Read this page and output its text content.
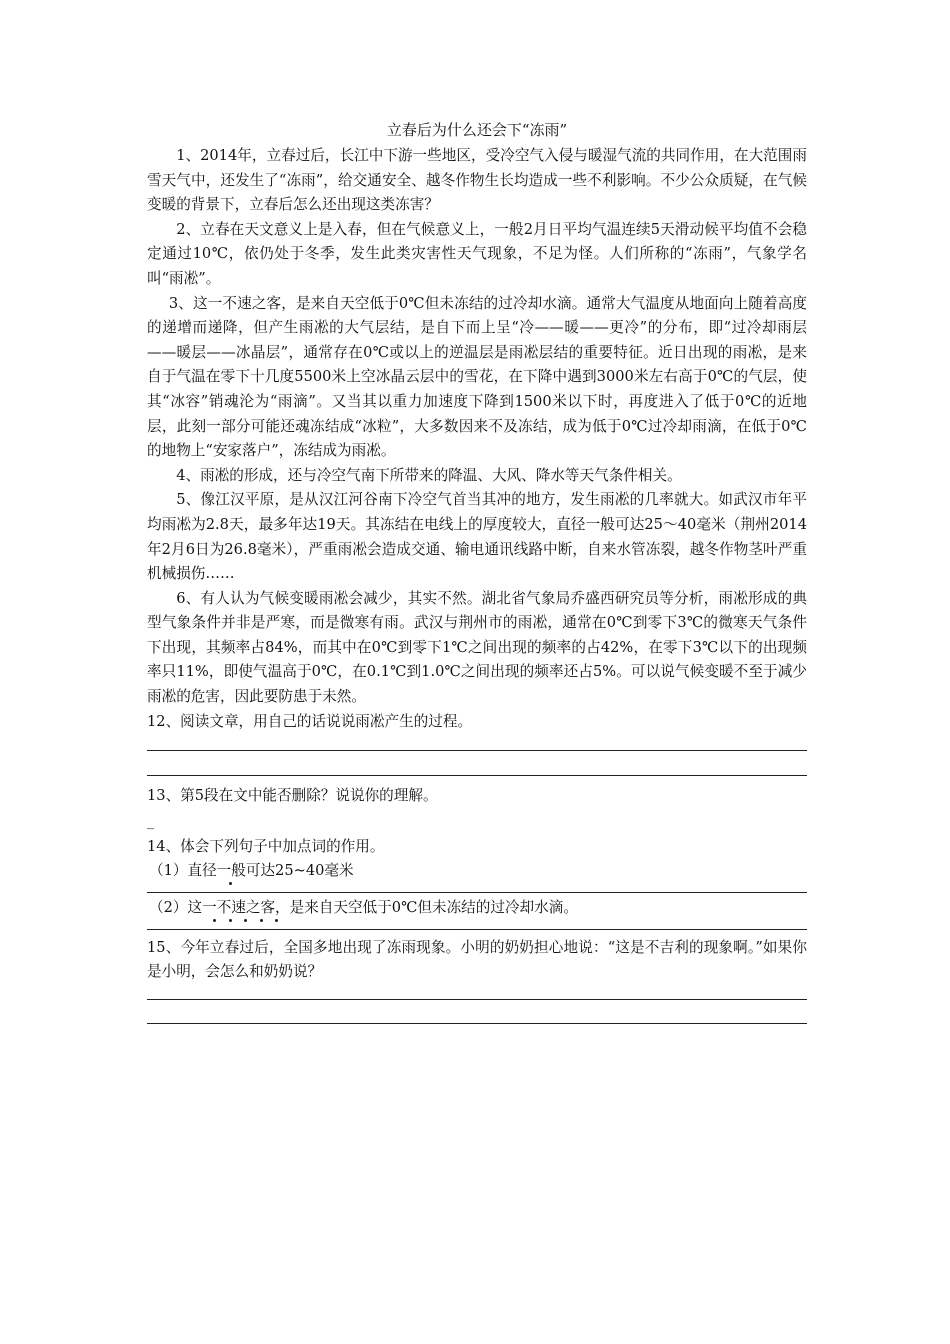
立春后为什么还会下“冻雨”

1、2014年，立春过后，长江中下游一些地区，受冷空气入侵与暖湿气流的共同作用，在大范围雨雪天气中，还发生了“冻雨”，给交通安全、越冬作物生长均造成一些不利影响。不少公众质疑，在气候变暖的背景下，立春后怎么还出现这类冻害？

2、立春在天文意义上是入春，但在气候意义上，一般2月日平均气温连续5天滑动候平均值不会稳定通过10℃，依仍处于冬季，发生此类灾害性天气现象，不足为怪。人们所称的“冻雨”，气象学名叫“雨凇”。

3、这一不速之客，是来自天空低于0℃但未冻结的过冷却水滴。通常大气温度从地面向上随着高度的递增而递降，但产生雨凇的大气层结，是自下而上呈“冷——暖——更冷”的分布，即“过冷却雨层——暖层——冰晶层”，通常存在0℃或以上的逆温层是雨凇层结的重要特征。近日出现的雨凇，是来自于气温在零下十几度5500米上空冰晶云层中的雪花，在下降中遇到3000米左右高于0℃的气层，使其“冰容”销魂沦为“雨滴”。又当其以重力加速度下降到1500米以下时，再度进入了低于0℃的近地层，此刻一部分可能还魂冻结成“冰粒”，大多数因来不及冻结，成为低于0℃过冷却雨滴，在低于0℃的地物上“安家落户”，冻结成为雨凇。

4、雨凇的形成，还与冷空气南下所带来的降温、大风、降水等天气条件相关。

5、像江汉平原，是从汉江河谷南下冷空气首当其冲的地方，发生雨凇的几率就大。如武汉市年平均雨凇为2.8天，最多年达19天。其冻结在电线上的厚度较大，直径一般可达25～40毫米（荆州2014年2月6日为26.8毫米），严重雨凇会造成交通、输电通讯线路中断，自来水管冻裂，越冬作物茎叶严重机械损伤……

6、有人认为气候变暖雨凇会减少，其实不然。湖北省气象局乔盛西研究员等分析，雨凇形成的典型气象条件并非是严寒，而是微寒有雨。武汉与荆州市的雨凇，通常在0℃到零下3℃的微寒天气条件下出现，其频率占84%，而其中在0℃到零下1℃之间出现的频率的占42%，在零下3℃以下的出现频率只11%，即使气温高于0℃，在0.1℃到1.0℃之间出现的频率还占5%。可以说气候变暖不至于减少雨凇的危害，因此要防患于未然。

12、阅读文章，用自己的话说说雨凇产生的过程。

13、第5段在文中能否删除？说说你的理解。

_

14、体会下列句子中加点词的作用。

（1）直径一般可达25~40毫米

（2）这一不速之客，是来自天空低于0℃但未冻结的过冷却水滴。

15、今年立春过后，全国多地出现了冻雨现象。小明的奶奶担心地说：“这是不吉利的现象啊。”如果你是小明，会怎么和奶奶说？
